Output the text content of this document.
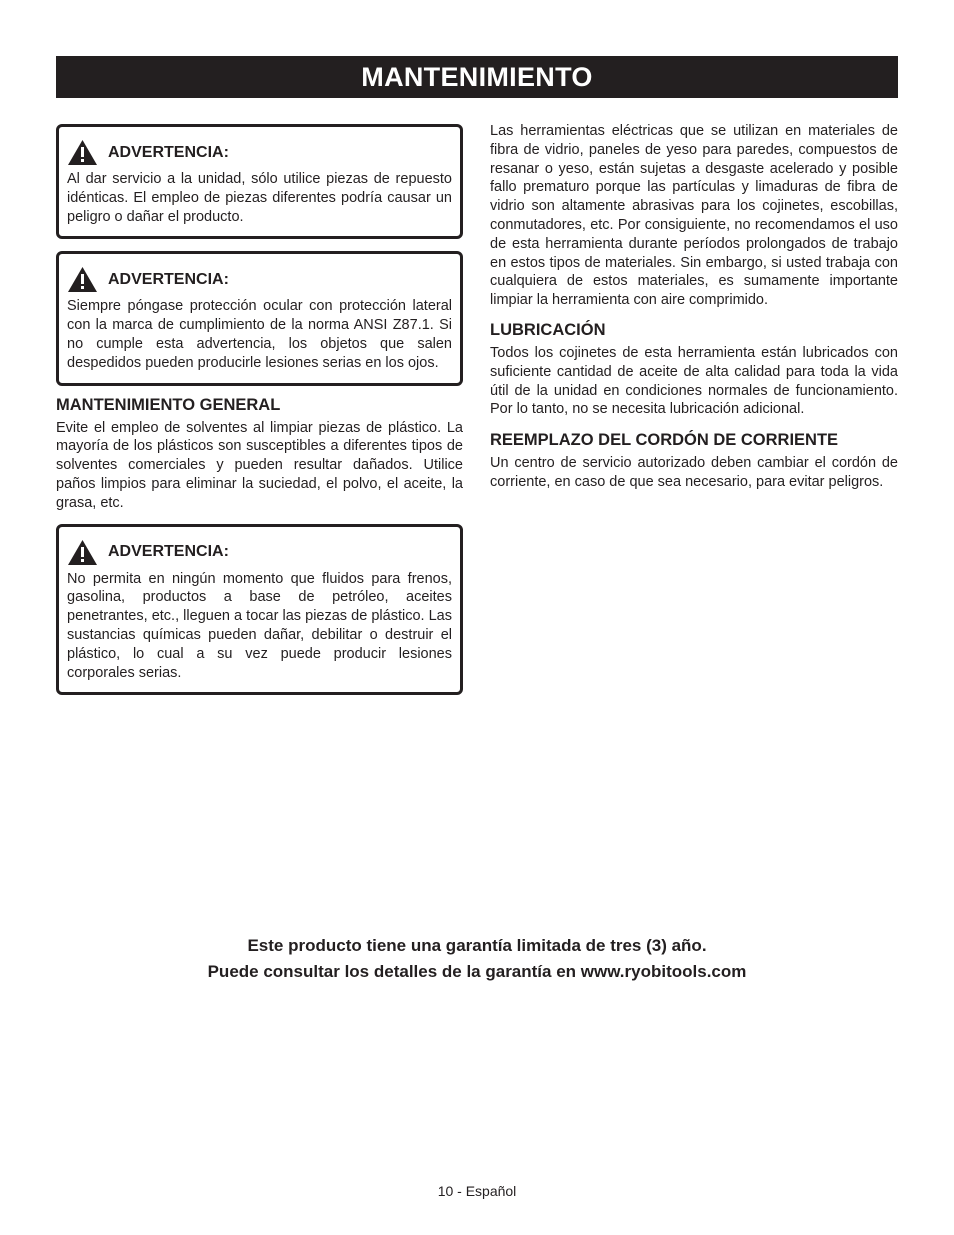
MANTENIMIENTO
ADVERTENCIA:

Al dar servicio a la unidad, sólo utilice piezas de repuesto idénticas. El empleo de piezas diferentes podría causar un peligro o dañar el producto.

ADVERTENCIA:

Siempre póngase protección ocular con protección lateral con la marca de cumplimiento de la norma ANSI Z87.1. Si no cumple esta advertencia, los objetos que salen despedidos pueden producirle lesiones serias en los ojos.

MANTENIMIENTO GENERAL

Evite el empleo de solventes al limpiar piezas de plástico. La mayoría de los plásticos son susceptibles a diferentes tipos de solventes comerciales y pueden resultar dañados. Utilice paños limpios para eliminar la suciedad, el polvo, el aceite, la grasa, etc.

ADVERTENCIA:

No permita en ningún momento que fluidos para frenos, gasolina, productos a base de petróleo, aceites penetrantes, etc., lleguen a tocar las piezas de plástico. Las sustancias químicas pueden dañar, debilitar o destruir el plástico, lo cual a su vez puede producir lesiones corporales serias.

Las herramientas eléctricas que se utilizan en materiales de fibra de vidrio, paneles de yeso para paredes, compuestos de resanar o yeso, están sujetas a desgaste acelerado y posible fallo prematuro porque las partículas y limaduras de fibra de vidrio son altamente abrasivas para los cojinetes, escobillas, conmutadores, etc. Por consiguiente, no recomendamos el uso de esta herramienta durante períodos prolongados de trabajo en estos tipos de materiales. Sin embargo, si usted trabaja con cualquiera de estos materiales, es sumamente importante limpiar la herramienta con aire comprimido.

LUBRICACIÓN

Todos los cojinetes de esta herramienta están lubricados con suficiente cantidad de aceite de alta calidad para toda la vida útil de la unidad en condiciones normales de funcionamiento. Por lo tanto, no se necesita lubricación adicional.

REEMPLAZO DEL CORDÓN DE CORRIENTE

Un centro de servicio autorizado deben cambiar el cordón de corriente, en caso de que sea necesario, para evitar peligros.

Este producto tiene una garantía limitada de tres (3) año.
Puede consultar los detalles de la garantía en www.ryobitools.com
10 - Español
